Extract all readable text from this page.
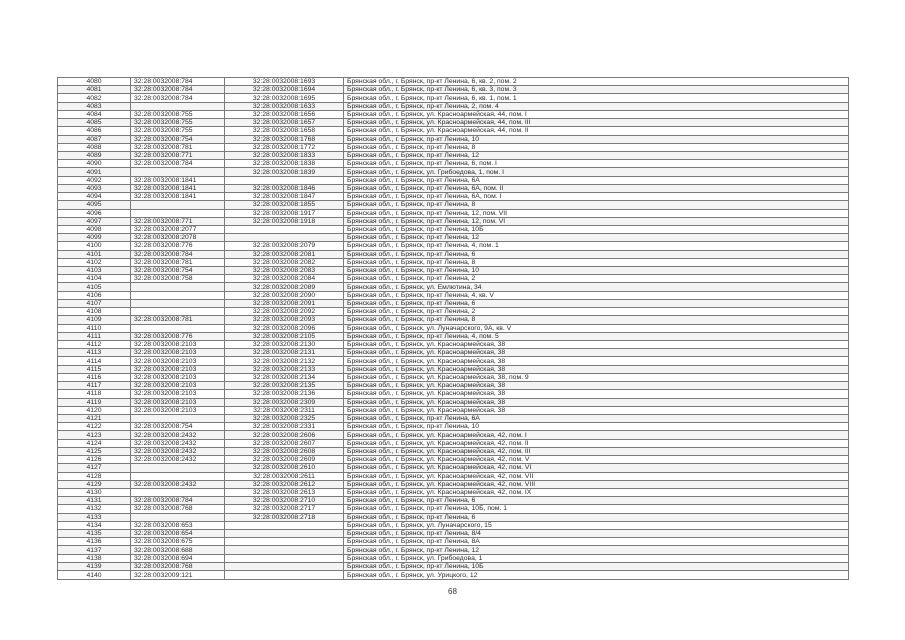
4080	32:28:0032008:784	32:28:0032008:1693	Брянская обл., г. Брянск, пр-кт Ленина, 6, кв. 2, пом. 2
4081	32:28:0032008:784	32:28:0032008:1694	Брянская обл., г. Брянск, пр-кт Ленина, 6, кв. 3, пом. 3
4082	32:28:0032008:784	32:28:0032008:1695	Брянская обл., г. Брянск, пр-кт Ленина, 6, кв. 1, пом. 1
4083		32:28:0032008:1633	Брянская обл., г. Брянск, пр-кт Ленина, 2, пом. 4
4084	32:28:0032008:755	32:28:0032008:1656	Брянская обл., г. Брянск, ул. Красноармейская, 44, пом. I
4085	32:28:0032008:755	32:28:0032008:1657	Брянская обл., г. Брянск, ул. Красноармейская, 44, пом. III
4086	32:28:0032008:755	32:28:0032008:1658	Брянская обл., г. Брянск, ул. Красноармейская, 44, пом. II
4087	32:28:0032008:754	32:28:0032008:1768	Брянская обл., г. Брянск, пр-кт Ленина, 10
4088	32:28:0032008:781	32:28:0032008:1772	Брянская обл., г. Брянск, пр-кт Ленина, 8
4089	32:28:0032008:771	32:28:0032008:1833	Брянская обл., г. Брянск, пр-кт Ленина, 12
4090	32:28:0032008:784	32:28:0032008:1838	Брянская обл., г. Брянск, пр-кт Ленина, 6, пом. I
4091		32:28:0032008:1839	Брянская обл., г. Брянск, ул. Грибоедова, 1, пом. I
4092	32:28:0032008:1841		Брянская обл., г. Брянск, пр-кт Ленина, 6А
4093	32:28:0032008:1841	32:28:0032008:1846	Брянская обл., г. Брянск, пр-кт Ленина, 6А, пом. II
4094	32:28:0032008:1841	32:28:0032008:1847	Брянская обл., г. Брянск, пр-кт Ленина, 6А, пом. I
4095		32:28:0032008:1855	Брянская обл., г. Брянск, пр-кт Ленина, 8
4096		32:28:0032008:1917	Брянская обл., г. Брянск, пр-кт Ленина, 12, пом. VII
4097	32:28:0032008:771	32:28:0032008:1918	Брянская обл., г. Брянск, пр-кт Ленина, 12, пом. VI
4098	32:28:0032008:2077		Брянская обл., г. Брянск, пр-кт Ленина, 10Б
4099	32:28:0032008:2078		Брянская обл., г. Брянск, пр-кт Ленина, 12
4100	32:28:0032008:776	32:28:0032008:2079	Брянская обл., г. Брянск, пр-кт Ленина, 4, пом. 1
4101	32:28:0032008:784	32:28:0032008:2081	Брянская обл., г. Брянск, пр-кт Ленина, 6
4102	32:28:0032008:781	32:28:0032008:2082	Брянская обл., г. Брянск, пр-кт Ленина, 8
4103	32:28:0032008:754	32:28:0032008:2083	Брянская обл., г. Брянск, пр-кт Ленина, 10
4104	32:28:0032008:758	32:28:0032008:2084	Брянская обл., г. Брянск, пр-кт Ленина, 2
4105		32:28:0032008:2089	Брянская обл., г. Брянск, ул. Емлютина, 34
4106		32:28:0032008:2090	Брянская обл., г. Брянск, пр-кт Ленина, 4, кв. V
4107		32:28:0032008:2091	Брянская обл., г. Брянск, пр-кт Ленина, 6
4108		32:28:0032008:2092	Брянская обл., г. Брянск, пр-кт Ленина, 2
4109	32:28:0032008:781	32:28:0032008:2093	Брянская обл., г. Брянск, пр-кт Ленина, 8
4110		32:28:0032008:2096	Брянская обл., г. Брянск, ул. Луначарского, 9А, кв. V
4111	32:28:0032008:776	32:28:0032008:2105	Брянская обл., г. Брянск, пр-кт Ленина, 4, пом. 5
4112	32:28:0032008:2103	32:28:0032008:2130	Брянская обл., г. Брянск, ул. Красноармейская, 38
4113	32:28:0032008:2103	32:28:0032008:2131	Брянская обл., г. Брянск, ул. Красноармейская, 38
4114	32:28:0032008:2103	32:28:0032008:2132	Брянская обл., г. Брянск, ул. Красноармейская, 38
4115	32:28:0032008:2103	32:28:0032008:2133	Брянская обл., г. Брянск, ул. Красноармейская, 38
4116	32:28:0032008:2103	32:28:0032008:2134	Брянская обл., г. Брянск, ул. Красноармейская, 38, пом. 9
4117	32:28:0032008:2103	32:28:0032008:2135	Брянская обл., г. Брянск, ул. Красноармейская, 38
4118	32:28:0032008:2103	32:28:0032008:2136	Брянская обл., г. Брянск, ул. Красноармейская, 38
4119	32:28:0032008:2103	32:28:0032008:2309	Брянская обл., г. Брянск, ул. Красноармейская, 38
4120	32:28:0032008:2103	32:28:0032008:2311	Брянская обл., г. Брянск, ул. Красноармейская, 38
4121		32:28:0032008:2325	Брянская обл., г. Брянск, пр-кт Ленина, 6А
4122	32:28:0032008:754	32:28:0032008:2331	Брянская обл., г. Брянск, пр-кт Ленина, 10
4123	32:28:0032008:2432	32:28:0032008:2606	Брянская обл., г. Брянск, ул. Красноармейская, 42, пом. I
4124	32:28:0032008:2432	32:28:0032008:2607	Брянская обл., г. Брянск, ул. Красноармейская, 42, пом. II
4125	32:28:0032008:2432	32:28:0032008:2608	Брянская обл., г. Брянск, ул. Красноармейская, 42, пом. III
4126	32:28:0032008:2432	32:28:0032008:2609	Брянская обл., г. Брянск, ул. Красноармейская, 42, пом. V
4127		32:28:0032008:2610	Брянская обл., г. Брянск, ул. Красноармейская, 42, пом. VI
4128		32:28:0032008:2611	Брянская обл., г. Брянск, ул. Красноармейская, 42, пом. VII
4129	32:28:0032008:2432	32:28:0032008:2612	Брянская обл., г. Брянск, ул. Красноармейская, 42, пом. VIII
4130		32:28:0032008:2613	Брянская обл., г. Брянск, ул. Красноармейская, 42, пом. IX
4131	32:28:0032008:784	32:28:0032008:2710	Брянская обл., г. Брянск, пр-кт Ленина, 6
4132	32:28:0032008:768	32:28:0032008:2717	Брянская обл., г. Брянск, пр-кт Ленина, 10Б, пом. 1
4133		32:28:0032008:2718	Брянская обл., г. Брянск, пр-кт Ленина, 6
4134	32:28:0032008:653		Брянская обл., г. Брянск, ул. Луначарского, 15
4135	32:28:0032008:654		Брянская обл., г. Брянск, пр-кт Ленина, 8/4
4136	32:28:0032008:675		Брянская обл., г. Брянск, пр-кт Ленина, 8А
4137	32:28:0032008:688		Брянская обл., г. Брянск, пр-кт Ленина, 12
4138	32:28:0032008:694		Брянская обл., г. Брянск, ул. Грибоедова, 1
4139	32:28:0032008:768		Брянская обл., г. Брянск, пр-кт Ленина, 10Б
4140	32:28:0032009:121		Брянская обл., г. Брянск, ул. Урицкого, 12
68
